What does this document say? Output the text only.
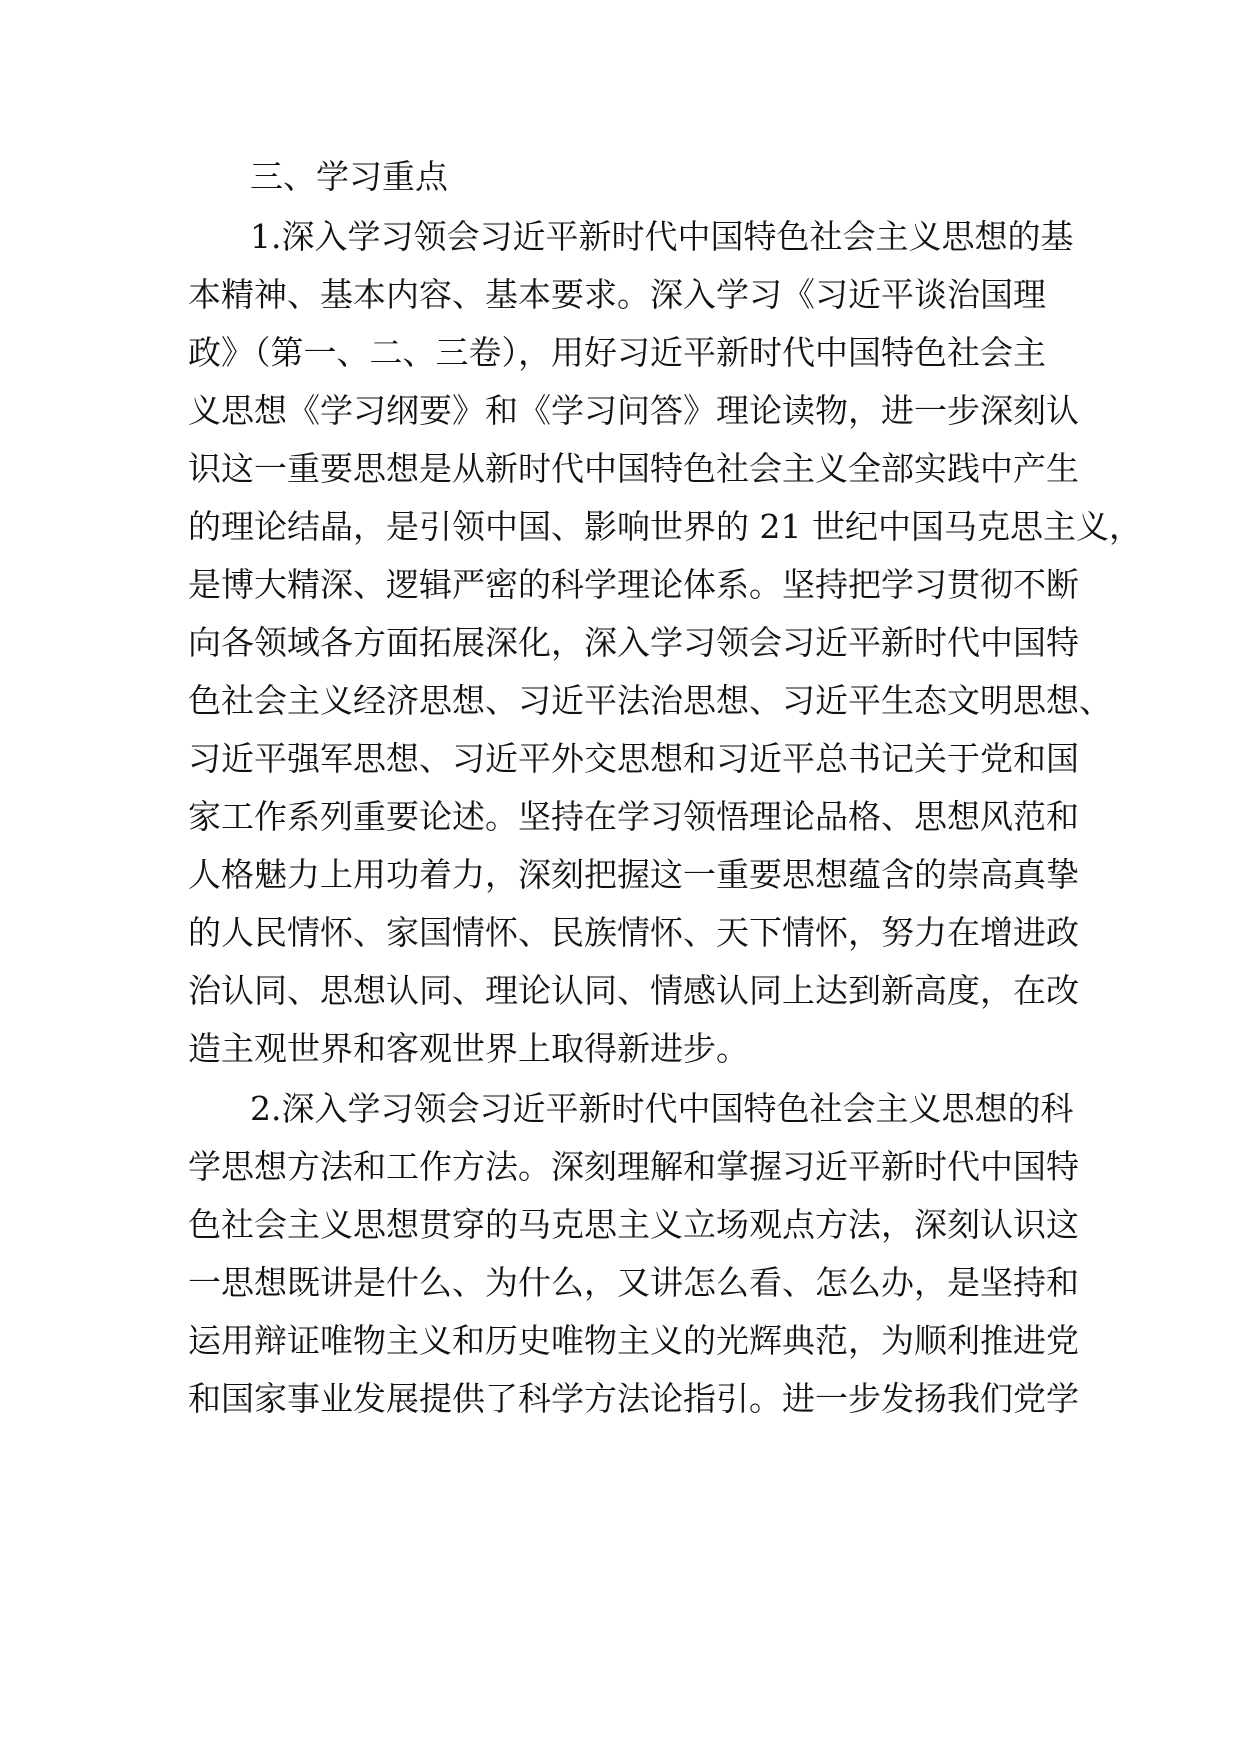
三、学习重点
1.深入学习领会习近平新时代中国特色社会主义思想的基
本精神、基本内容、基本要求。深入学习《习近平谈治国理
政》（第一、二、三卷），用好习近平新时代中国特色社会主
义思想《学习纲要》和《学习问答》理论读物，进一步深刻认
识这一重要思想是从新时代中国特色社会主义全部实践中产生
的理论结晶，是引领中国、影响世界的 21 世纪中国马克思主义，
是博大精深、逻辑严密的科学理论体系。坚持把学习贯彻不断
向各领域各方面拓展深化，深入学习领会习近平新时代中国特
色社会主义经济思想、习近平法治思想、习近平生态文明思想、
习近平强军思想、习近平外交思想和习近平总书记关于党和国
家工作系列重要论述。坚持在学习领悟理论品格、思想风范和
人格魅力上用功着力，深刻把握这一重要思想蕴含的崇高真挚
的人民情怀、家国情怀、民族情怀、天下情怀，努力在增进政
治认同、思想认同、理论认同、情感认同上达到新高度，在改
造主观世界和客观世界上取得新进步。
2.深入学习领会习近平新时代中国特色社会主义思想的科
学思想方法和工作方法。深刻理解和掌握习近平新时代中国特
色社会主义思想贯穿的马克思主义立场观点方法，深刻认识这
一思想既讲是什么、为什么，又讲怎么看、怎么办，是坚持和
运用辩证唯物主义和历史唯物主义的光辉典范，为顺利推进党
和国家事业发展提供了科学方法论指引。进一步发扬我们党学
